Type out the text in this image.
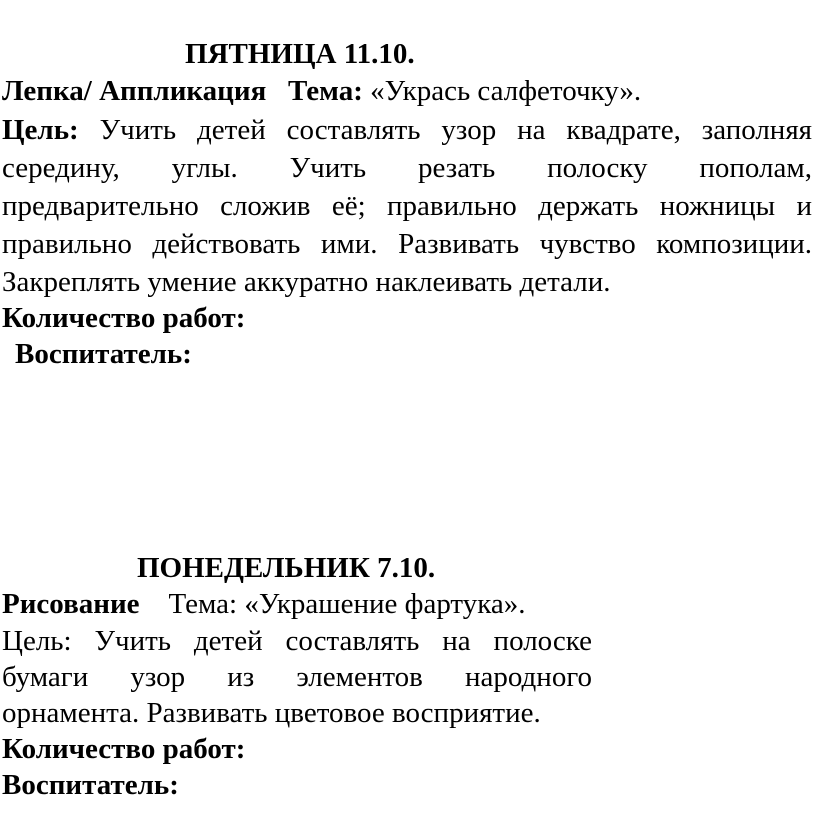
ПЯТНИЦА 11.10.
Лепка/ Аппликация Тема: «Укрась салфеточку».
Цель: Учить детей составлять узор на квадрате, заполняя
середину, углы. Учить резать полоску пополам,
предварительно сложив её; правильно держать ножницы и
правильно действовать ими. Развивать чувство композиции.
Закреплять умение аккуратно наклеивать детали.
Количество работ:
Воспитатель:
ПОНЕДЕЛЬНИК 7.10.
Рисование Тема: «Украшение фартука».
Цель: Учить детей составлять на полоске
бумаги узор из элементов народного
орнамента. Развивать цветовое восприятие.
Количество работ:
Воспитатель:
